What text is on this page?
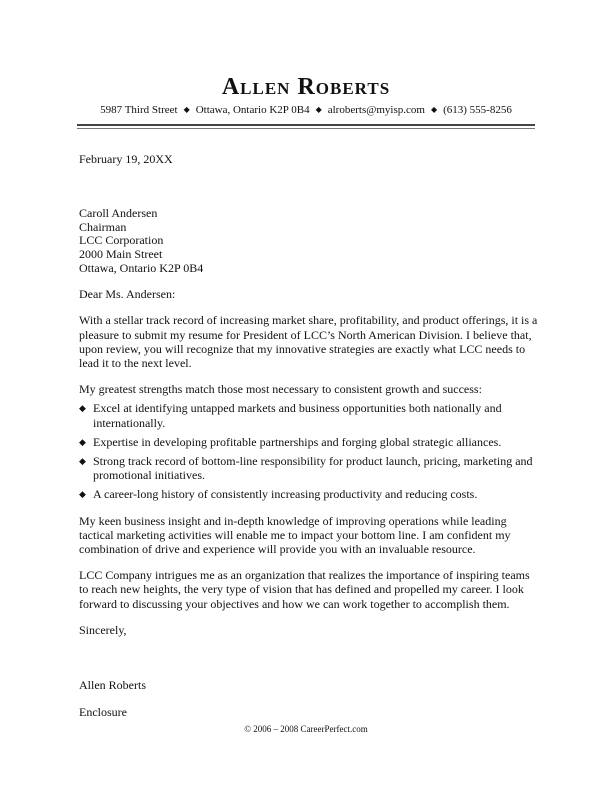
Allen Roberts
5987 Third Street ◆ Ottawa, Ontario K2P 0B4 ◆ alroberts@myisp.com ◆ (613) 555-8256

February 19, 20XX

Caroll Andersen
Chairman
LCC Corporation
2000 Main Street
Ottawa, Ontario K2P 0B4

Dear Ms. Andersen:

With a stellar track record of increasing market share, profitability, and product offerings, it is a pleasure to submit my resume for President of LCC’s North American Division. I believe that, upon review, you will recognize that my innovative strategies are exactly what LCC needs to lead it to the next level.

My greatest strengths match those most necessary to consistent growth and success:

◆ Excel at identifying untapped markets and business opportunities both nationally and internationally.
◆ Expertise in developing profitable partnerships and forging global strategic alliances.
◆ Strong track record of bottom-line responsibility for product launch, pricing, marketing and promotional initiatives.
◆ A career-long history of consistently increasing productivity and reducing costs.

My keen business insight and in-depth knowledge of improving operations while leading tactical marketing activities will enable me to impact your bottom line. I am confident my combination of drive and experience will provide you with an invaluable resource.

LCC Company intrigues me as an organization that realizes the importance of inspiring teams to reach new heights, the very type of vision that has defined and propelled my career. I look forward to discussing your objectives and how we can work together to accomplish them.

Sincerely,

Allen Roberts

Enclosure

© 2006 – 2008 CareerPerfect.com
